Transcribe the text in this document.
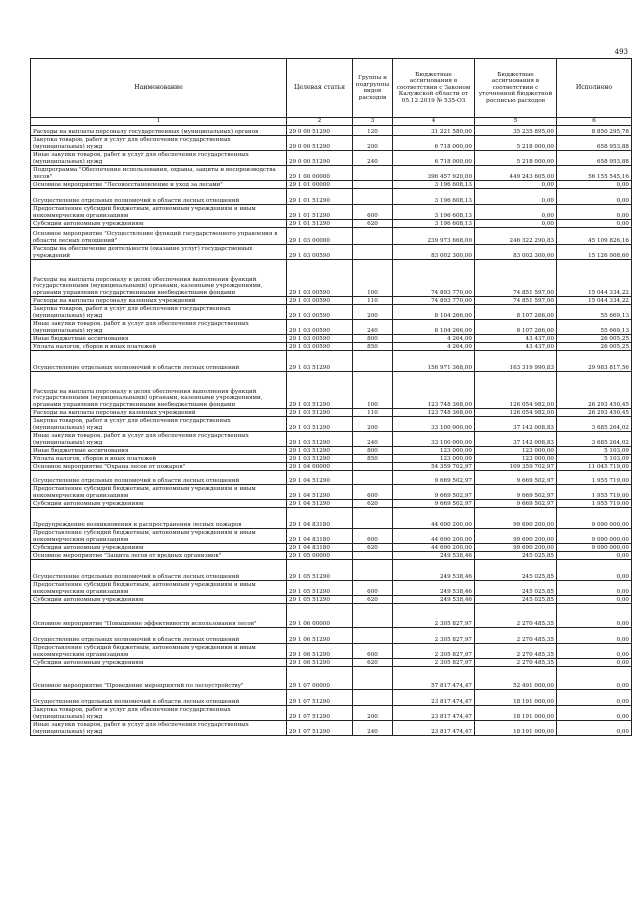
493
Наименование	Целевая статья	Группы и подгруппы видов расходов	Бюджетные ассигнования в соответствии с Законом Калужской области от 05.12.2019 № 535-ОЗ	Бюджетные ассигнования в соответствии с уточненной бюджетной росписью расходов	Исполнено
1	2	3	4	5	6
Расходы на выплаты персоналу государственных (муниципальных) органов	29 0 00 51290	120	31 221 580,00	35 235 895,00	8 850 295,78
Закупка товаров, работ и услуг для обеспечения государственных (муниципальных) нужд	29 0 00 51290	200	6 718 000,00	5 218 000,00	658 953,88
Иные закупки товаров, работ и услуг для обеспечения государственных (муниципальных) нужд	29 0 00 51290	240	6 718 000,00	5 218 000,00	658 953,88
Подпрограмма "Обеспечение использования, охраны, защиты и воспроизводства лесов"	29 1 00 00000		396 457 920,00	449 243 605,00	56 155 545,16
Основное мероприятие "Лесовосстановление и уход за лесами"	29 1 01 00000		3 196 608,13	0,00	0,00
Осуществление отдельных полномочий в области лесных отношений	29 1 01 51290		3 196 608,13	0,00	0,00
Предоставление субсидий бюджетным, автономным учреждениям и иным некоммерческим организациям	29 1 01 51290	600	3 196 608,13	0,00	0,00
Субсидии автономным учреждениям	29 1 01 51290	620	3 196 608,13	0,00	0,00
Основное мероприятие "Осуществление функций государственного управления в области лесных отношений"	29 1 03 00000		239 973 668,00	246 322 290,83	45 109 826,16
Расходы на обеспечение деятельности (оказание услуг) государственных учреждений	29 1 03 00590		83 002 300,00	83 002 300,00	15 126 008,60
Расходы на выплаты персоналу в целях обеспечения выполнения функций государственными (муниципальными) органами, казенными учреждениями, органами управления государственными внебюджетными фондами	29 1 03 00590	100	74 893 770,00	74 851 597,00	15 044 334,22
Расходы на выплаты персоналу казенных учреждений	29 1 03 00590	110	74 893 770,00	74 851 597,00	15 044 334,22
Закупка товаров, работ и услуг для обеспечения государственных (муниципальных) нужд	29 1 03 00590	200	8 104 266,00	8 107 266,00	55 669,13
Иные закупки товаров, работ и услуг для обеспечения государственных (муниципальных) нужд	29 1 03 00590	240	8 104 266,00	8 107 266,00	55 669,13
Иные бюджетные ассигнования	29 1 03 00590	800	4 264,00	43 437,00	26 005,25
Уплата налогов, сборов и иных платежей	29 1 03 00590	850	4 264,00	43 437,00	26 005,25
Осуществление отдельных полномочий в области лесных отношений	29 1 03 51290		156 971 368,00	163 319 990,83	29 983 817,56
Расходы на выплаты персоналу в целях обеспечения выполнения функций государственными (муниципальными) органами, казенными учреждениями, органами управления государственными внебюджетными фондами	29 1 03 51290	100	123 748 368,00	126 054 982,00	26 293 450,45
Расходы на выплаты персоналу казенных учреждений	29 1 03 51290	110	123 748 368,00	126 054 982,00	26 293 450,45
Закупка товаров, работ и услуг для обеспечения государственных (муниципальных) нужд	29 1 03 51290	200	33 100 000,00	37 142 008,83	3 685 264,02
Иные закупки товаров, работ и услуг для обеспечения государственных (муниципальных) нужд	29 1 03 51290	240	33 100 000,00	37 142 008,83	3 685 264,02
Иные бюджетные ассигнования	29 1 03 51290	800	123 000,00	123 000,00	5 103,09
Уплата налогов, сборов и иных платежей	29 1 03 51290	850	123 000,00	123 000,00	5 103,09
Основное мероприятие "Охрана лесов от пожаров"	29 1 04 00000		54 359 702,97	109 359 702,97	11 045 719,00
Осуществление отдельных полномочий в области лесных отношений	29 1 04 51290		9 669 502,97	9 669 502,97	1 955 719,00
Предоставление субсидий бюджетным, автономным учреждениям и иным некоммерческим организациям	29 1 04 51290	600	9 669 502,97	9 669 502,97	1 955 719,00
Субсидии автономным учреждениям	29 1 04 51290	620	9 669 502,97	9 669 502,97	1 955 719,00
Предупреждение возникновения и распространения лесных пожаров	29 1 04 83180		44 690 200,00	99 690 200,00	9 090 000,00
Предоставление субсидий бюджетным, автономным учреждениям и иным некоммерческим организациям	29 1 04 83180	600	44 690 200,00	99 690 200,00	9 090 000,00
Субсидии автономным учреждениям	29 1 04 83180	620	44 690 200,00	99 690 200,00	9 090 000,00
Основное мероприятие "Защита лесов от вредных организмов"	29 1 05 00000		249 538,46	245 025,85	0,00
Осуществление отдельных полномочий в области лесных отношений	29 1 05 51290		249 538,46	245 025,85	0,00
Предоставление субсидий бюджетным, автономным учреждениям и иным некоммерческим организациям	29 1 05 51290	600	249 538,46	245 025,85	0,00
Субсидии автономным учреждениям	29 1 05 51290	620	249 538,46	245 025,85	0,00
Основное мероприятие "Повышение эффективности использования лесов"	29 1 06 00000		2 305 827,97	2 270 485,35	0,00
Осуществление отдельных полномочий в области лесных отношений	29 1 06 51290		2 305 827,97	2 270 485,35	0,00
Предоставление субсидий бюджетным, автономным учреждениям и иным некоммерческим организациям	29 1 06 51290	600	2 305 827,97	2 270 485,35	0,00
Субсидии автономным учреждениям	29 1 06 51290	620	2 305 827,97	2 270 485,35	0,00
Основное мероприятие "Проведение мероприятий по лесоустройству"	29 1 07 00000		57 817 474,47	52 491 000,00	0,00
Осуществление отдельных полномочий в области лесных отношений	29 1 07 51290		23 817 474,47	18 191 000,00	0,00
Закупка товаров, работ и услуг для обеспечения государственных (муниципальных) нужд	29 1 07 51290	200	23 817 474,47	18 191 000,00	0,00
Иные закупки товаров, работ и услуг для обеспечения государственных (муниципальных) нужд	29 1 07 51290	240	23 817 474,47	18 191 000,00	0,00
